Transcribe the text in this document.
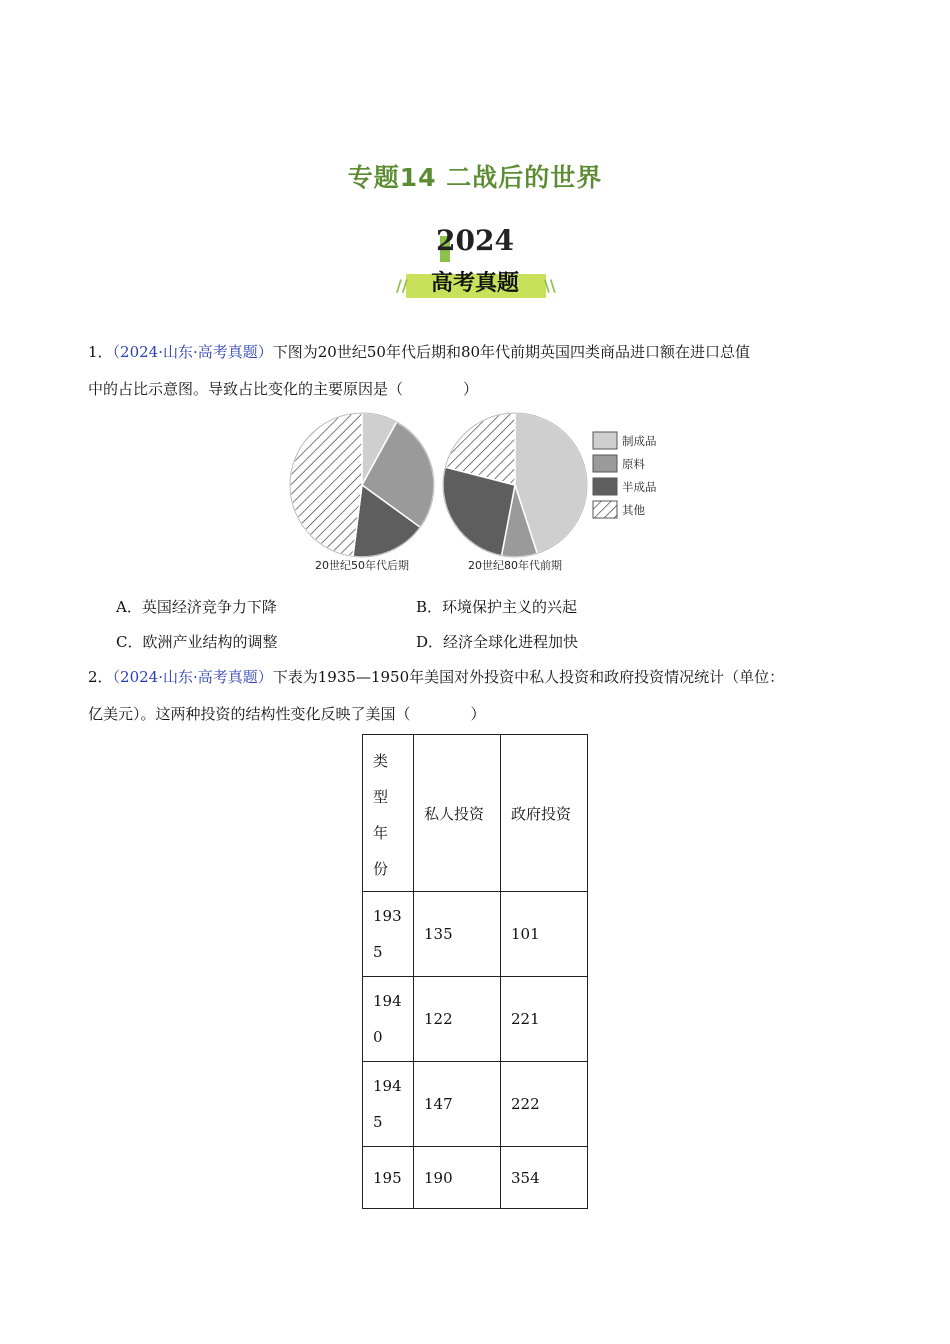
专题14 二战后的世界
2024
//	高考真题	\\
1．（2024·山东·高考真题）下图为20世纪50年代后期和80年代前期英国四类商品进口额在进口总值
中的占比示意图。导致占比变化的主要原因是（　　　　）
20世纪50年代后期	20世纪80年代前期
制成品
原料
半成品
其他
A．英国经济竞争力下降	B．环境保护主义的兴起
C．欧洲产业结构的调整	D．经济全球化进程加快
2．（2024·山东·高考真题）下表为1935—1950年美国对外投资中私人投资和政府投资情况统计（单位：
亿美元）。这两种投资的结构性变化反映了美国（　　　　）
类
型
年
份	私人投资	政府投资

193
5	135	101

194
0	122	221

194
5	147	222

195	190	354
